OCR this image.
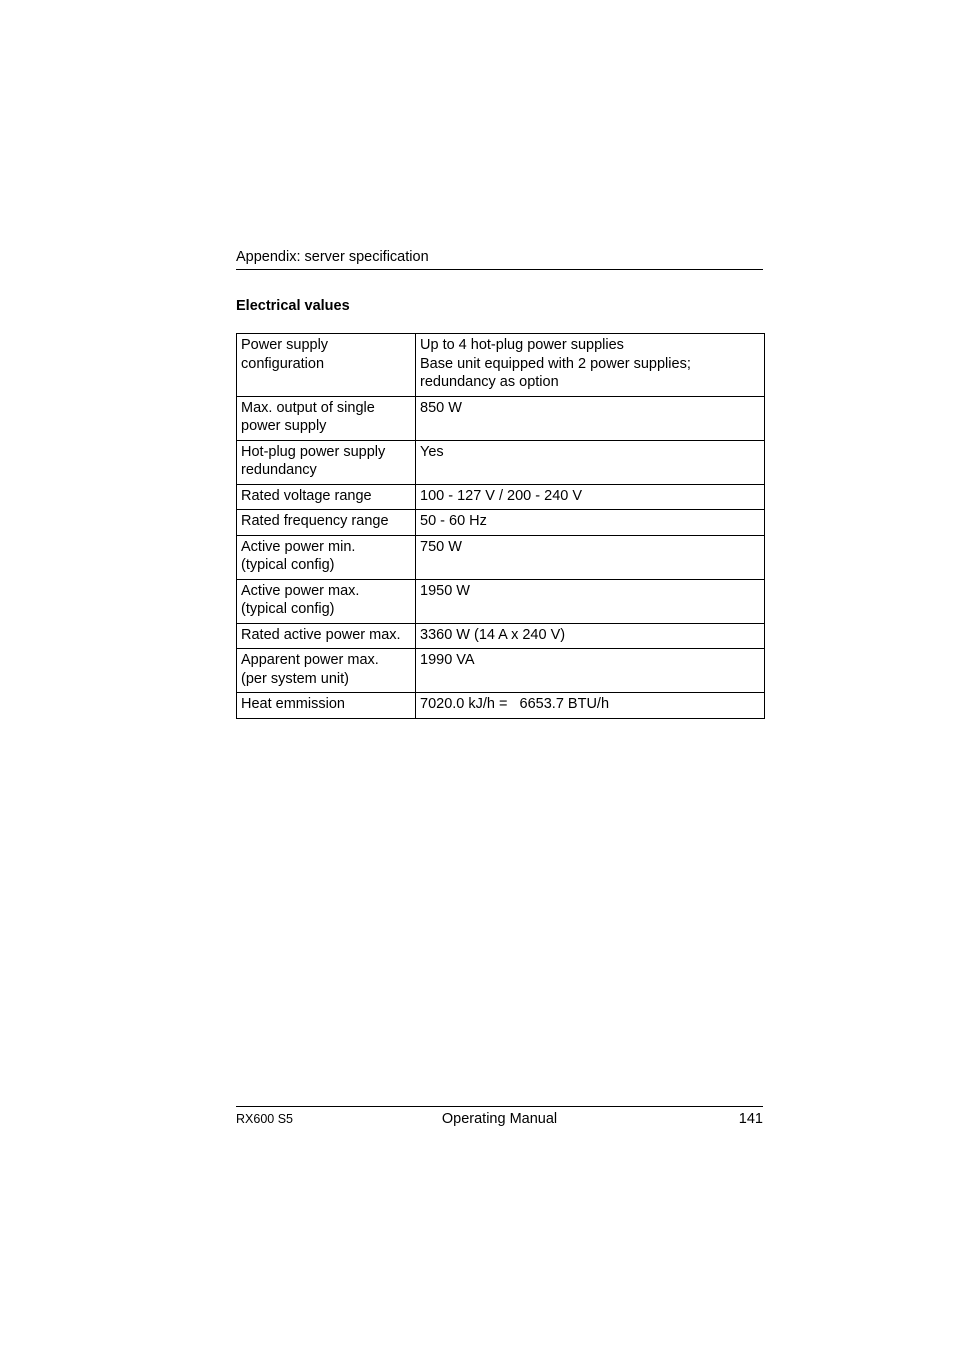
Appendix: server specification
Electrical values
Power supply
configuration	Up to 4 hot-plug power supplies
Base unit equipped with 2 power supplies;
redundancy as option

Max. output of single
power supply	850 W

Hot-plug power supply
redundancy	Yes

Rated voltage range	100 - 127 V / 200 - 240 V

Rated frequency range	50 - 60 Hz

Active power min.
(typical config)	750 W

Active power max.
(typical config)	1950 W

Rated active power max.	3360 W (14 A x 240 V)

Apparent power max.
(per system unit)	1990 VA

Heat emmission	7020.0 kJ/h =   6653.7 BTU/h
RX600 S5	Operating Manual	141
